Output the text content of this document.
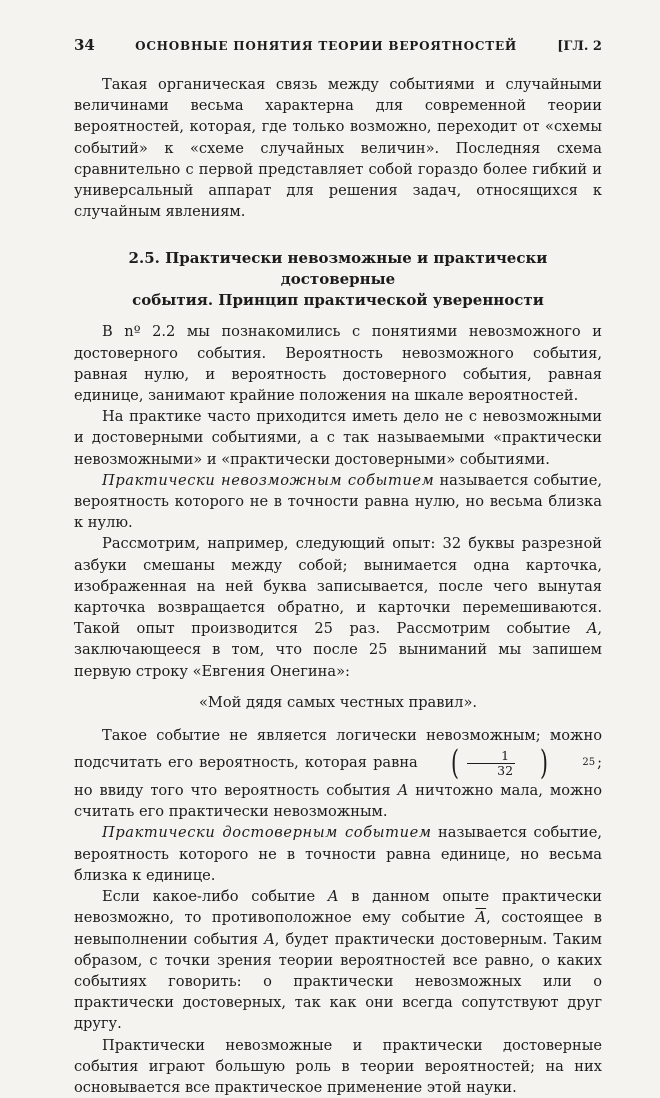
34	ОСНОВНЫЕ ПОНЯТИЯ ТЕОРИИ ВЕРОЯТНОСТЕЙ	[ГЛ. 2

Такая органическая связь между событиями и случайными величинами весьма характерна для современной теории вероятностей, которая, где только возможно, переходит от «схемы событий» к «схеме случайных величин». Последняя схема сравнительно с первой представляет собой гораздо более гибкий и универсальный аппарат для решения задач, относящихся к случайным явлениям.

2.5. Практически невозможные и практически достоверные
события. Принцип практической уверенности

В nº 2.2 мы познакомились с понятиями невозможного и достоверного события. Вероятность невозможного события, равная нулю, и вероятность достоверного события, равная единице, занимают крайние положения на шкале вероятностей.

На практике часто приходится иметь дело не с невозможными и достоверными событиями, а с так называемыми «практически невозможными» и «практически достоверными» событиями.

Практически невозможным событием называется событие, вероятность которого не в точности равна нулю, но весьма близка к нулю.

Рассмотрим, например, следующий опыт: 32 буквы разрезной азбуки смешаны между собой; вынимается одна карточка, изображенная на ней буква записывается, после чего вынутая карточка возвращается обратно, и карточки перемешиваются. Такой опыт производится 25 раз. Рассмотрим событие A, заключающееся в том, что после 25 выниманий мы запишем первую строку «Евгения Онегина»:

«Мой дядя самых честных правил».

Такое событие не является логически невозможным; можно подсчитать его вероятность, которая равна ( $\frac{1}{32}$ )	25 ; но ввиду того что вероятность события A ничтожно мала, можно считать его практически невозможным.

Практически достоверным событием называется событие, вероятность которого не в точности равна единице, но весьма близка к единице.

Если какое-либо событие A в данном опыте практически невозможно, то противоположное ему событие $\overline{A}$, состоящее в невыполнении события A, будет практически достоверным. Таким образом, с точки зрения теории вероятностей все равно, о каких событиях говорить: о практически невозможных или о практически достоверных, так как они всегда сопутствуют друг другу.

Практически невозможные и практически достоверные события играют большую роль в теории вероятностей; на них основывается все практическое применение этой науки.
